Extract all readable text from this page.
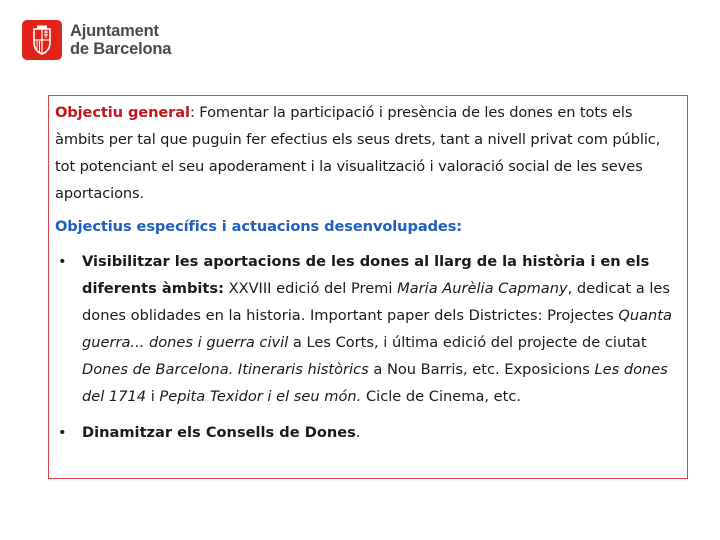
Ajuntament
de Barcelona

Objectiu general: Fomentar la participació i presència de les dones en tots els àmbits per tal que puguin fer efectius els seus drets, tant a nivell privat com públic, tot potenciant el seu apoderament i la visualització i valoració social de les seves aportacions.

Objectius específics i actuacions desenvolupades:

• Visibilitzar les aportacions de les dones al llarg de la història i en els diferents àmbits: XXVIII edició del Premi Maria Aurèlia Capmany, dedicat a les dones oblidades en la historia. Important paper dels Districtes: Projectes Quanta guerra... dones i guerra civil a Les Corts, i última edició del projecte de ciutat Dones de Barcelona. Itineraris històrics a Nou Barris, etc. Exposicions Les dones del 1714 i Pepita Texidor i el seu món. Cicle de Cinema, etc.
• Dinamitzar els Consells de Dones.
